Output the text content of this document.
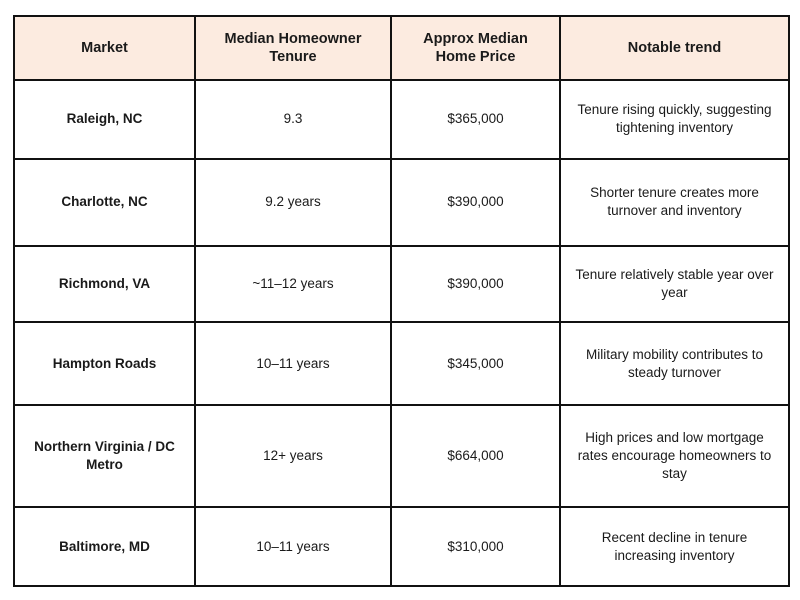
Market	Median Homeowner Tenure	Approx Median Home Price	Notable trend
Raleigh, NC	9.3	$365,000	Tenure rising quickly, suggesting tightening inventory
Charlotte, NC	9.2 years	$390,000	Shorter tenure creates more turnover and inventory
Richmond, VA	~11–12 years	$390,000	Tenure relatively stable year over year
Hampton Roads	10–11 years	$345,000	Military mobility contributes to steady turnover
Northern Virginia / DC Metro	12+ years	$664,000	High prices and low mortgage rates encourage homeowners to stay
Baltimore, MD	10–11 years	$310,000	Recent decline in tenure increasing inventory
